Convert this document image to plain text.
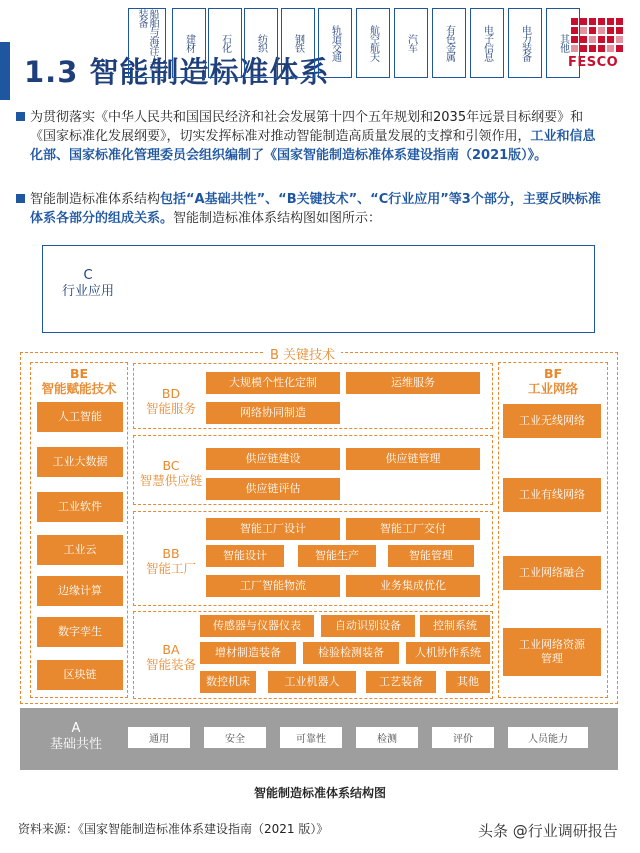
1.3 智能制造标准体系	FESCO
为贯彻落实《中华人民共和国国民经济和社会发展第十四个五年规划和2035年远景目标纲要》和《国家标准化发展纲要》，切实发挥标准对推动智能制造高质量发展的支撑和引领作用，工业和信息化部、国家标准化管理委员会组织编制了《国家智能制造标准体系建设指南（2021版）》。
智能制造标准体系结构包括“A基础共性”、“B关键技术”、“C行业应用”等3个部分，主要反映标准体系各部分的组成关系。智能制造标准体系结构图如图所示：
C
行业应用
船舶与海洋工程装备
建材	石化	纺织	钢铁	轨道交通	航空航天	汽车	有色金属	电子信息	电力装备	其他
B 关键技术
BE
智能赋能技术
人工智能
工业大数据
工业软件
工业云
边缘计算
数字孪生
区块链
BF
工业网络
工业无线网络
工业有线网络
工业网络融合
工业网络资源管理
BD
智能服务
大规模个性化定制	运维服务
网络协同制造
BC
智慧供应链
供应链建设	供应链管理
供应链评估
BB
智能工厂
智能工厂设计	智能工厂交付
智能设计	智能生产	智能管理
工厂智能物流	业务集成优化
BA
智能装备
传感器与仪器仪表	自动识别设备	控制系统
增材制造装备	检验检测装备	人机协作系统
数控机床	工业机器人	工艺装备	其他
A
基础共性	通用	安全	可靠性	检测	评价	人员能力
智能制造标准体系结构图
资料来源：《国家智能制造标准体系建设指南（2021 版）》	头条 @行业调研报告
